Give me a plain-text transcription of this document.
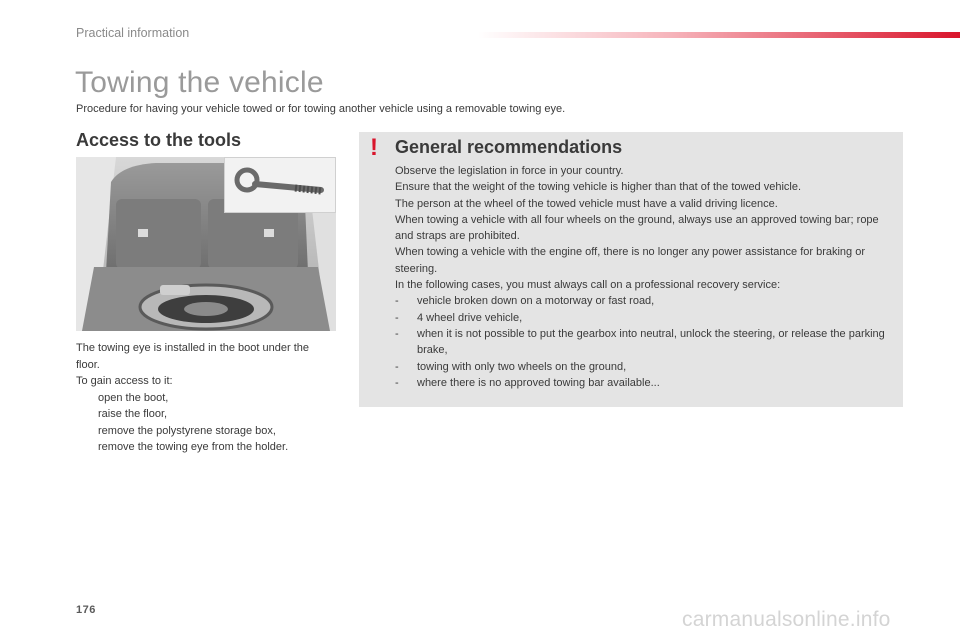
Practical information
Towing the vehicle
Procedure for having your vehicle towed or for towing another vehicle using a removable towing eye.
Access to the tools

The towing eye is installed in the boot under the floor.

To gain access to it:

open the boot,
raise the floor,
remove the polystyrene storage box,
remove the towing eye from the holder.
! General recommendations

Observe the legislation in force in your country.

Ensure that the weight of the towing vehicle is higher than that of the towed vehicle.

The person at the wheel of the towed vehicle must have a valid driving licence.

When towing a vehicle with all four wheels on the ground, always use an approved towing bar; rope and straps are prohibited.

When towing a vehicle with the engine off, there is no longer any power assistance for braking or steering.

In the following cases, you must always call on a professional recovery service:

- vehicle broken down on a motorway or fast road,
- 4 wheel drive vehicle,
- when it is not possible to put the gearbox into neutral, unlock the steering, or release the parking brake,
- towing with only two wheels on the ground,
- where there is no approved towing bar available...
176	carmanualsonline.info
